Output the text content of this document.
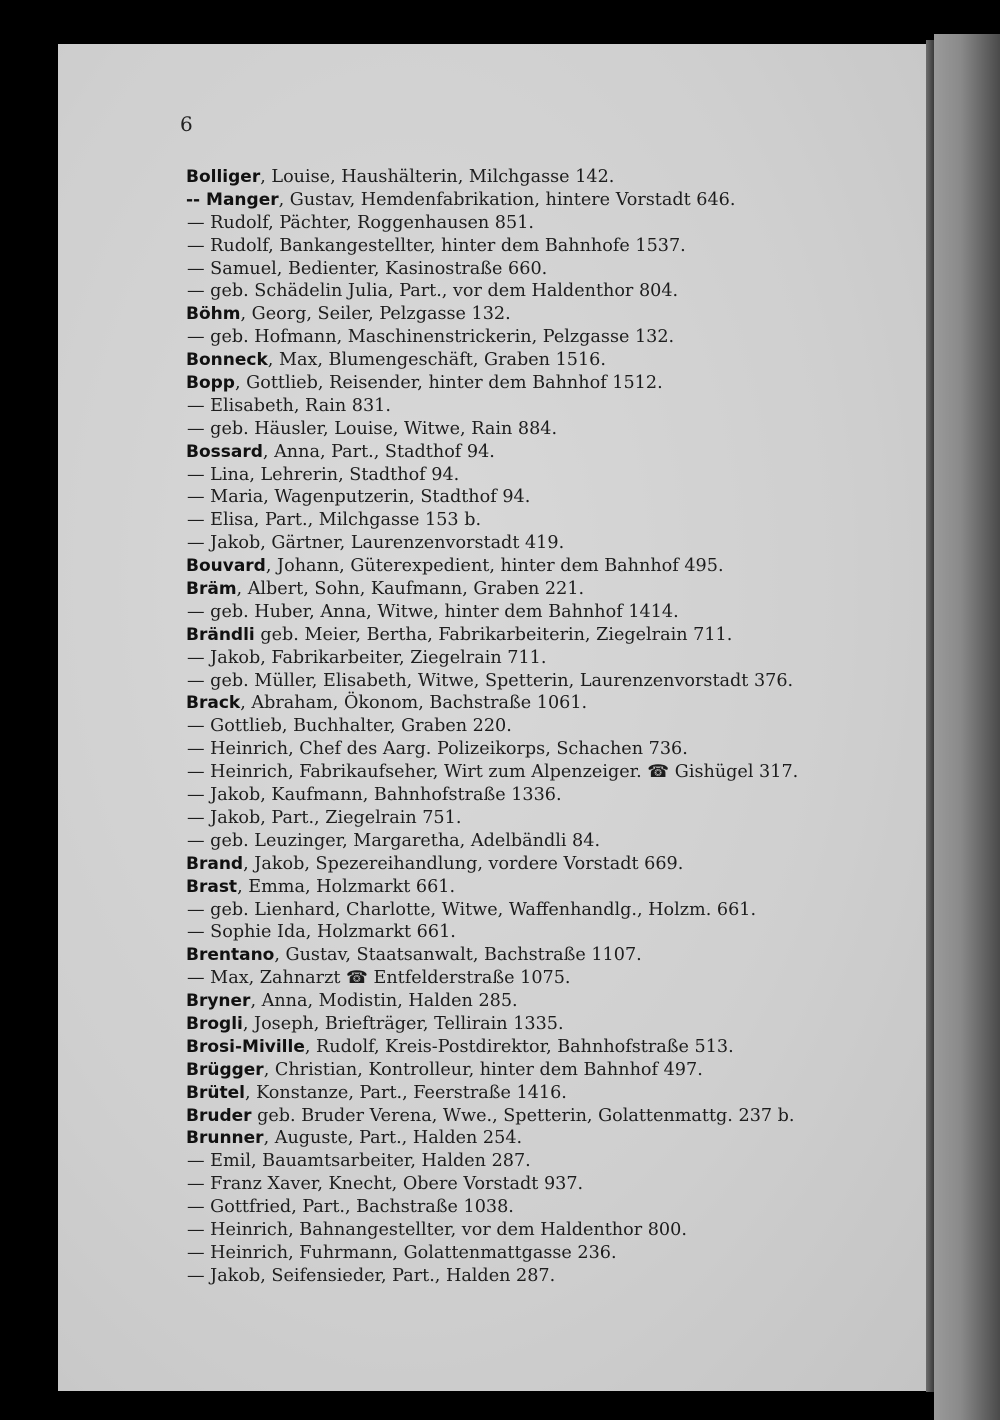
6
Bolliger, Louise, Haushälterin, Milchgasse 142.
-- Manger, Gustav, Hemdenfabrikation, hintere Vorstadt 646.
— Rudolf, Pächter, Roggenhausen 851.
— Rudolf, Bankangestellter, hinter dem Bahnhofe 1537.
— Samuel, Bedienter, Kasinostraße 660.
— geb. Schädelin Julia, Part., vor dem Haldenthor 804.
Böhm, Georg, Seiler, Pelzgasse 132.
— geb. Hofmann, Maschinenstrickerin, Pelzgasse 132.
Bonneck, Max, Blumengeschäft, Graben 1516.
Bopp, Gottlieb, Reisender, hinter dem Bahnhof 1512.
— Elisabeth, Rain 831.
— geb. Häusler, Louise, Witwe, Rain 884.
Bossard, Anna, Part., Stadthof 94.
— Lina, Lehrerin, Stadthof 94.
— Maria, Wagenputzerin, Stadthof 94.
— Elisa, Part., Milchgasse 153 b.
— Jakob, Gärtner, Laurenzenvorstadt 419.
Bouvard, Johann, Güterexpedient, hinter dem Bahnhof 495.
Bräm, Albert, Sohn, Kaufmann, Graben 221.
— geb. Huber, Anna, Witwe, hinter dem Bahnhof 1414.
Brändli geb. Meier, Bertha, Fabrikarbeiterin, Ziegelrain 711.
— Jakob, Fabrikarbeiter, Ziegelrain 711.
— geb. Müller, Elisabeth, Witwe, Spetterin, Laurenzenvorstadt 376.
Brack, Abraham, Ökonom, Bachstraße 1061.
— Gottlieb, Buchhalter, Graben 220.
— Heinrich, Chef des Aarg. Polizeikorps, Schachen 736.
— Heinrich, Fabrikaufseher, Wirt zum Alpenzeiger. ☎ Gishügel 317.
— Jakob, Kaufmann, Bahnhofstraße 1336.
— Jakob, Part., Ziegelrain 751.
— geb. Leuzinger, Margaretha, Adelbändli 84.
Brand, Jakob, Spezereihandlung, vordere Vorstadt 669.
Brast, Emma, Holzmarkt 661.
— geb. Lienhard, Charlotte, Witwe, Waffenhandlg., Holzm. 661.
— Sophie Ida, Holzmarkt 661.
Brentano, Gustav, Staatsanwalt, Bachstraße 1107.
— Max, Zahnarzt ☎ Entfelderstraße 1075.
Bryner, Anna, Modistin, Halden 285.
Brogli, Joseph, Briefträger, Tellirain 1335.
Brosi-Miville, Rudolf, Kreis-Postdirektor, Bahnhofstraße 513.
Brügger, Christian, Kontrolleur, hinter dem Bahnhof 497.
Brütel, Konstanze, Part., Feerstraße 1416.
Bruder geb. Bruder Verena, Wwe., Spetterin, Golattenmattg. 237 b.
Brunner, Auguste, Part., Halden 254.
— Emil, Bauamtsarbeiter, Halden 287.
— Franz Xaver, Knecht, Obere Vorstadt 937.
— Gottfried, Part., Bachstraße 1038.
— Heinrich, Bahnangestellter, vor dem Haldenthor 800.
— Heinrich, Fuhrmann, Golattenmattgasse 236.
— Jakob, Seifensieder, Part., Halden 287.
